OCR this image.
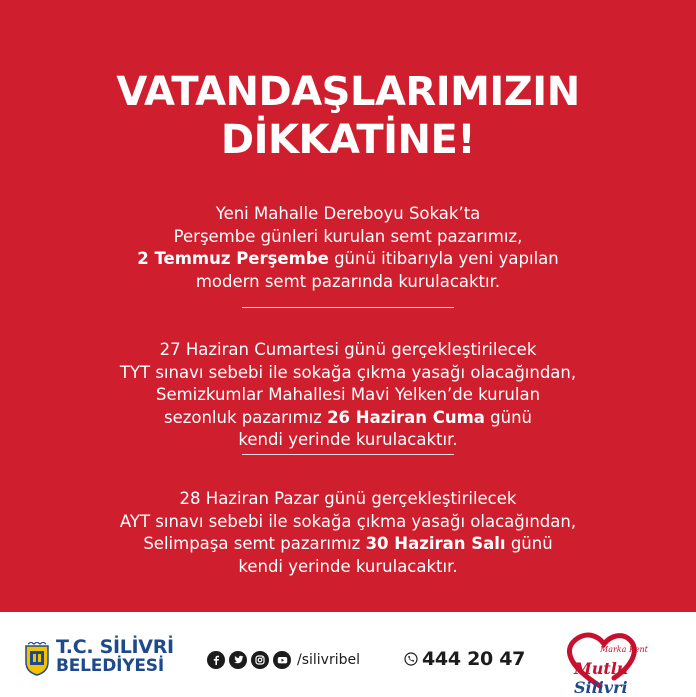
VATANDAŞLARIMIZIN
DİKKATİNE!
Yeni Mahalle Dereboyu Sokak’ta
Perşembe günleri kurulan semt pazarımız,
2 Temmuz Perşembe günü itibarıyla yeni yapılan
modern semt pazarında kurulacaktır.
27 Haziran Cumartesi günü gerçekleştirilecek
TYT sınavı sebebi ile sokağa çıkma yasağı olacağından,
Semizkumlar Mahallesi Mavi Yelken’de kurulan
sezonluk pazarımız 26 Haziran Cuma günü
kendi yerinde kurulacaktır.
28 Haziran Pazar günü gerçekleştirilecek
AYT sınavı sebebi ile sokağa çıkma yasağı olacağından,
Selimpaşa semt pazarımız 30 Haziran Salı günü
kendi yerinde kurulacaktır.
T.C. SİLİVRİ
BELEDİYESİ	/silivribel	444 20 47	Marka Kent
Mutlu Silivri
